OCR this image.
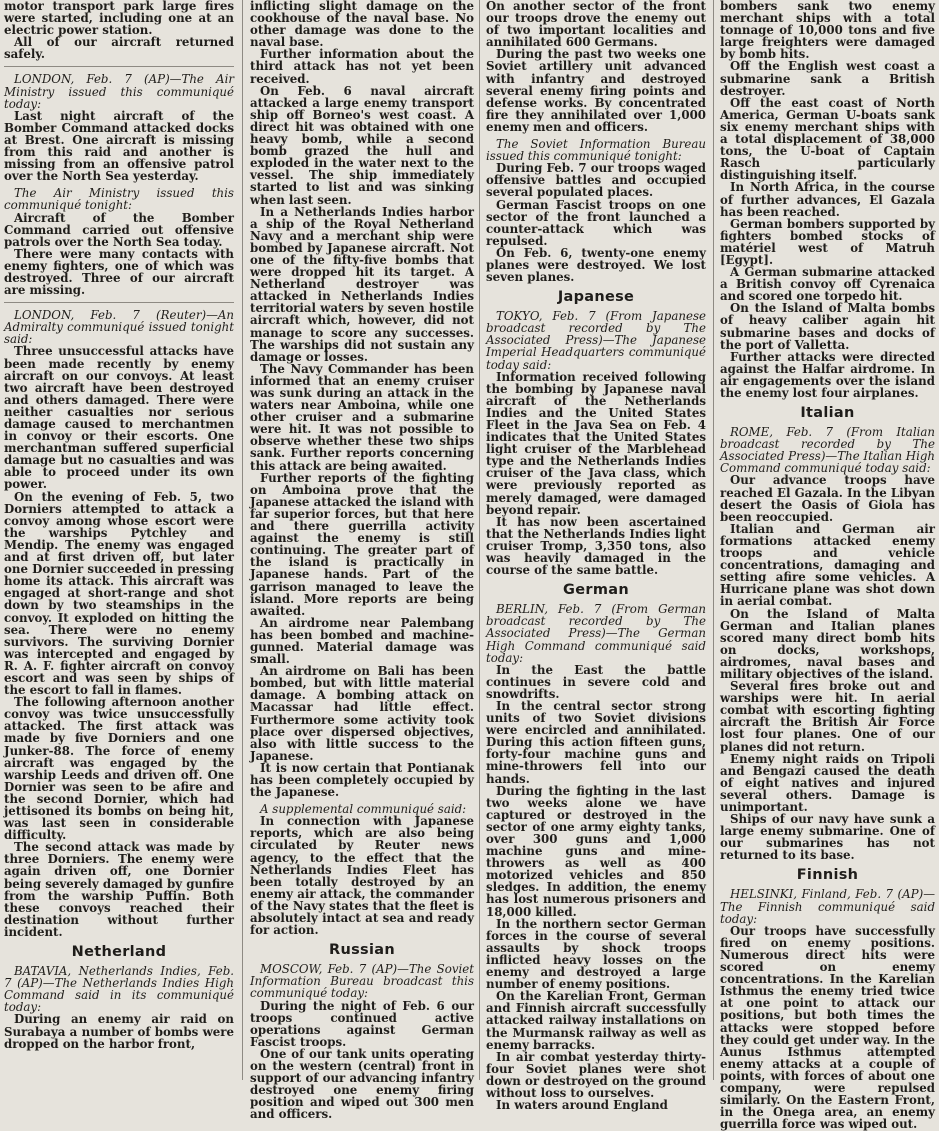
motor transport park large fires were started, including one at an electric power station.

All of our aircraft returned safely.

LONDON, Feb. 7 (AP)—The Air Ministry issued this communiqué today:

Last night aircraft of the Bomber Command attacked docks at Brest. One aircraft is missing from this raid and another is missing from an offensive patrol over the North Sea yesterday.

The Air Ministry issued this communiqué tonight:

Aircraft of the Bomber Command carried out offensive patrols over the North Sea today.

There were many contacts with enemy fighters, one of which was destroyed. Three of our aircraft are missing.

LONDON, Feb. 7 (Reuter)—An Admiralty communiqué issued tonight said:

Three unsuccessful attacks have been made recently by enemy aircraft on our convoys. At least two aircraft have been destroyed and others damaged. There were neither casualties nor serious damage caused to merchantmen in convoy or their escorts. One merchantman suffered superficial damage but no casualties and was able to proceed under its own power.

On the evening of Feb. 5, two Dorniers attempted to attack a convoy among whose escort were the warships Pytchley and Mendip. The enemy was engaged and at first driven off, but later one Dornier succeeded in pressing home its attack. This aircraft was engaged at short-range and shot down by two steamships in the convoy. It exploded on hitting the sea. There were no enemy survivors. The surviving Dornier was intercepted and engaged by R. A. F. fighter aircraft on convoy escort and was seen by ships of the escort to fall in flames.

The following afternoon another convoy was twice unsuccessfully attacked. The first attack was made by five Dorniers and one Junker-88. The force of enemy aircraft was engaged by the warship Leeds and driven off. One Dornier was seen to be afire and the second Dornier, which had jettisoned its bombs on being hit, was last seen in considerable difficulty.

The second attack was made by three Dorniers. The enemy were again driven off, one Dornier being severely damaged by gunfire from the warship Puffin. Both these convoys reached their destination without further incident.

Netherland

BATAVIA, Netherlands Indies, Feb. 7 (AP)—The Netherlands Indies High Command said in its communiqué today:

During an enemy air raid on Surabaya a number of bombs were dropped on the harbor front,

inflicting slight damage on the cookhouse of the naval base. No other damage was done to the naval base.

Further information about the third attack has not yet been received.

On Feb. 6 naval aircraft attacked a large enemy transport ship off Borneo's west coast. A direct hit was obtained with one heavy bomb, while a second bomb grazed the hull and exploded in the water next to the vessel. The ship immediately started to list and was sinking when last seen.

In a Netherlands Indies harbor a ship of the Royal Netherland Navy and a merchant ship were bombed by Japanese aircraft. Not one of the fifty-five bombs that were dropped hit its target. A Netherland destroyer was attacked in Netherlands Indies territorial waters by seven hostile aircraft which, however, did not manage to score any successes. The warships did not sustain any damage or losses.

The Navy Commander has been informed that an enemy cruiser was sunk during an attack in the waters near Amboina, while one other cruiser and a submarine were hit. It was not possible to observe whether these two ships sank. Further reports concerning this attack are being awaited.

Further reports of the fighting on Amboina prove that the Japanese attacked the island with far superior forces, but that here and there guerrilla activity against the enemy is still continuing. The greater part of the island is practically in Japanese hands. Part of the garrison managed to leave the island. More reports are being awaited.

An airdrome near Palembang has been bombed and machine-gunned. Material damage was small.

An airdrome on Bali has been bombed, but with little material damage. A bombing attack on Macassar had little effect. Furthermore some activity took place over dispersed objectives, also with little success to the Japanese.

It is now certain that Pontianak has been completely occupied by the Japanese.

A supplemental communiqué said:

In connection with Japanese reports, which are also being circulated by Reuter news agency, to the effect that the Netherlands Indies Fleet has been totally destroyed by an enemy air attack, the commander of the Navy states that the fleet is absolutely intact at sea and ready for action.

Russian

MOSCOW, Feb. 7 (AP)—The Soviet Information Bureau broadcast this communiqué today:

During the night of Feb. 6 our troops continued active operations against German Fascist troops.

One of our tank units operating on the western (central) front in support of our advancing infantry destroyed one enemy firing position and wiped out 300 men and officers.

On another sector of the front our troops drove the enemy out of two important localities and annihilated 600 Germans.

During the past two weeks one Soviet artillery unit advanced with infantry and destroyed several enemy firing points and defense works. By concentrated fire they annihilated over 1,000 enemy men and officers.

The Soviet Information Bureau issued this communiqué tonight:

During Feb. 7 our troops waged offensive battles and occupied several populated places.

German Fascist troops on one sector of the front launched a counter-attack which was repulsed.

On Feb. 6, twenty-one enemy planes were destroyed. We lost seven planes.

Japanese

TOKYO, Feb. 7 (From Japanese broadcast recorded by The Associated Press)—The Japanese Imperial Headquarters communiqué today said:

Information received following the bombing by Japanese naval aircraft of the Netherlands Indies and the United States Fleet in the Java Sea on Feb. 4 indicates that the United States light cruiser of the Marblehead type and the Netherlands Indies cruiser of the Java class, which were previously reported as merely damaged, were damaged beyond repair.

It has now been ascertained that the Netherlands Indies light cruiser Tromp, 3,350 tons, also was heavily damaged in the course of the same battle.

German

BERLIN, Feb. 7 (From German broadcast recorded by The Associated Press)—The German High Command communiqué said today:

In the East the battle continues in severe cold and snowdrifts.

In the central sector strong units of two Soviet divisions were encircled and annihilated. During this action fifteen guns, forty-four machine guns and mine-throwers fell into our hands.

During the fighting in the last two weeks alone we have captured or destroyed in the sector of one army eighty tanks, over 300 guns and 1,000 machine guns and mine-throwers as well as 400 motorized vehicles and 850 sledges. In addition, the enemy has lost numerous prisoners and 18,000 killed.

In the northern sector German forces in the course of several assaults by shock troops inflicted heavy losses on the enemy and destroyed a large number of enemy positions.

On the Karelian Front, German and Finnish aircraft successfully attacked railway installations on the Murmansk railway as well as enemy barracks.

In air combat yesterday thirty-four Soviet planes were shot down or destroyed on the ground without loss to ourselves.

In waters around England

bombers sank two enemy merchant ships with a total tonnage of 10,000 tons and five large freighters were damaged by bomb hits.

Off the English west coast a submarine sank a British destroyer.

Off the east coast of North America, German U-boats sank six enemy merchant ships with a total displacement of 38,000 tons, the U-boat of Captain Rasch particularly distinguishing itself.

In North Africa, in the course of further advances, El Gazala has been reached.

German bombers supported by fighters bombed stocks of matériel west of Matruh [Egypt].

A German submarine attacked a British convoy off Cyrenaica and scored one torpedo hit.

On the Island of Malta bombs of heavy caliber again hit submarine bases and docks of the port of Valletta.

Further attacks were directed against the Halfar airdrome. In air engagements over the island the enemy lost four airplanes.

Italian

ROME, Feb. 7 (From Italian broadcast recorded by The Associated Press)—The Italian High Command communiqué today said:

Our advance troops have reached El Gazala. In the Libyan desert the Oasis of Giola has been reoccupied.

Italian and German air formations attacked enemy troops and vehicle concentrations, damaging and setting afire some vehicles. A Hurricane plane was shot down in aerial combat.

On the Island of Malta German and Italian planes scored many direct bomb hits on docks, workshops, airdromes, naval bases and military objectives of the island.

Several fires broke out and warships were hit. In aerial combat with escorting fighting aircraft the British Air Force lost four planes. One of our planes did not return.

Enemy night raids on Tripoli and Bengazi caused the death of eight natives and injured several others. Damage is unimportant.

Ships of our navy have sunk a large enemy submarine. One of our submarines has not returned to its base.

Finnish

HELSINKI, Finland, Feb. 7 (AP)—The Finnish communiqué said today:

Our troops have successfully fired on enemy positions. Numerous direct hits were scored on enemy concentrations. In the Karelian Isthmus the enemy tried twice at one point to attack our positions, but both times the attacks were stopped before they could get under way. In the Aunus Isthmus attempted enemy attacks at a couple of points, with forces of about one company, were repulsed similarly. On the Eastern Front, in the Onega area, an enemy guerrilla force was wiped out.
